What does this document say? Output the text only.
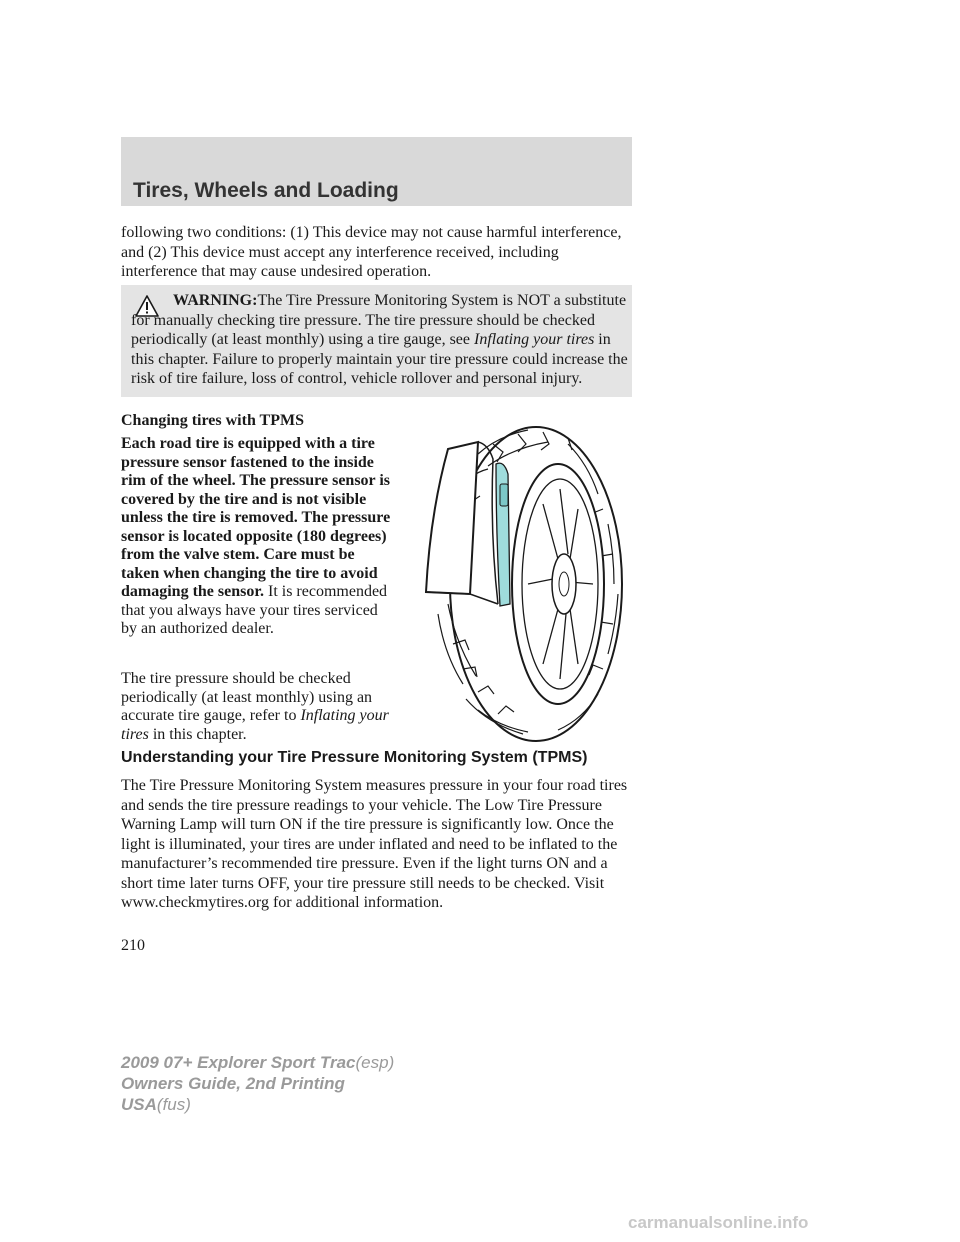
Tires, Wheels and Loading

following two conditions: (1) This device may not cause harmful interference, and (2) This device must accept any interference received, including interference that may cause undesired operation.

WARNING:The Tire Pressure Monitoring System is NOT a substitute for manually checking tire pressure. The tire pressure should be checked periodically (at least monthly) using a tire gauge, see Inflating your tires in this chapter. Failure to properly maintain your tire pressure could increase the risk of tire failure, loss of control, vehicle rollover and personal injury.

Changing tires with TPMS

Each road tire is equipped with a tire pressure sensor fastened to the inside rim of the wheel. The pressure sensor is covered by the tire and is not visible unless the tire is removed. The pressure sensor is located opposite (180 degrees) from the valve stem. Care must be taken when changing the tire to avoid damaging the sensor. It is recommended that you always have your tires serviced by an authorized dealer.

The tire pressure should be checked periodically (at least monthly) using an accurate tire gauge, refer to Inflating your tires in this chapter.

Understanding your Tire Pressure Monitoring System (TPMS)

The Tire Pressure Monitoring System measures pressure in your four road tires and sends the tire pressure readings to your vehicle. The Low Tire Pressure Warning Lamp will turn ON if the tire pressure is significantly low. Once the light is illuminated, your tires are under inflated and need to be inflated to the manufacturer’s recommended tire pressure. Even if the light turns ON and a short time later turns OFF, your tire pressure still needs to be checked. Visit www.checkmytires.org for additional information.

210

2009 07+ Explorer Sport Trac(esp)
Owners Guide, 2nd Printing
USA(fus)

carmanualsonline.info
